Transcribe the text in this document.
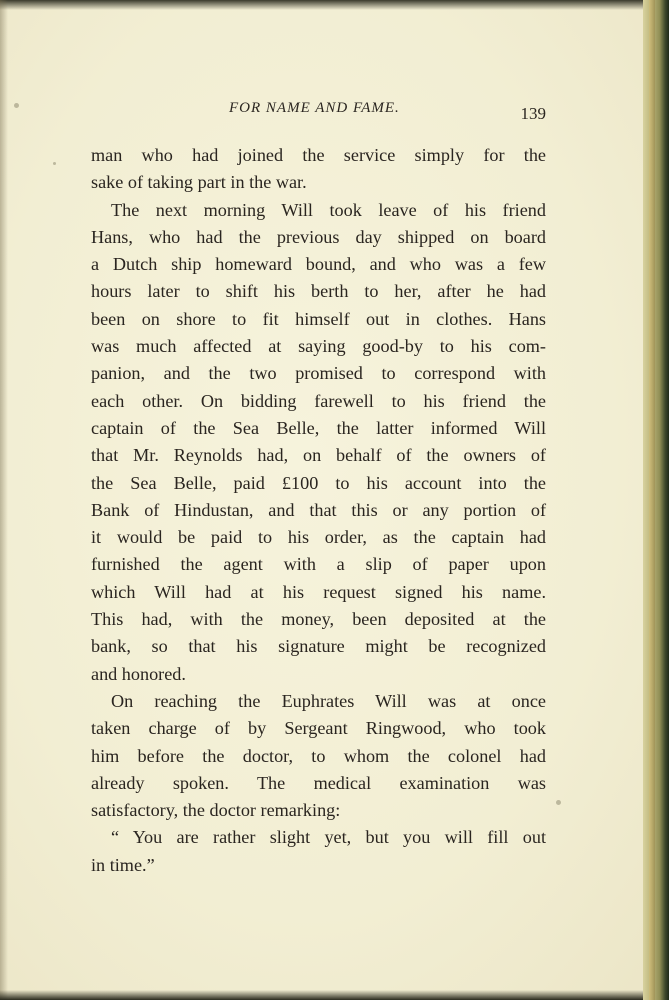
FOR NAME AND FAME.	139
man who had joined the service simply for the
sake of taking part in the war.
The next morning Will took leave of his friend
Hans, who had the previous day shipped on board
a Dutch ship homeward bound, and who was a few
hours later to shift his berth to her, after he had
been on shore to fit himself out in clothes. Hans
was much affected at saying good-by to his com-
panion, and the two promised to correspond with
each other. On bidding farewell to his friend the
captain of the Sea Belle, the latter informed Will
that Mr. Reynolds had, on behalf of the owners of
the Sea Belle, paid £100 to his account into the
Bank of Hindustan, and that this or any portion of
it would be paid to his order, as the captain had
furnished the agent with a slip of paper upon
which Will had at his request signed his name.
This had, with the money, been deposited at the
bank, so that his signature might be recognized
and honored.
On reaching the Euphrates Will was at once
taken charge of by Sergeant Ringwood, who took
him before the doctor, to whom the colonel had
already spoken. The medical examination was
satisfactory, the doctor remarking:
“ You are rather slight yet, but you will fill out
in time.”
